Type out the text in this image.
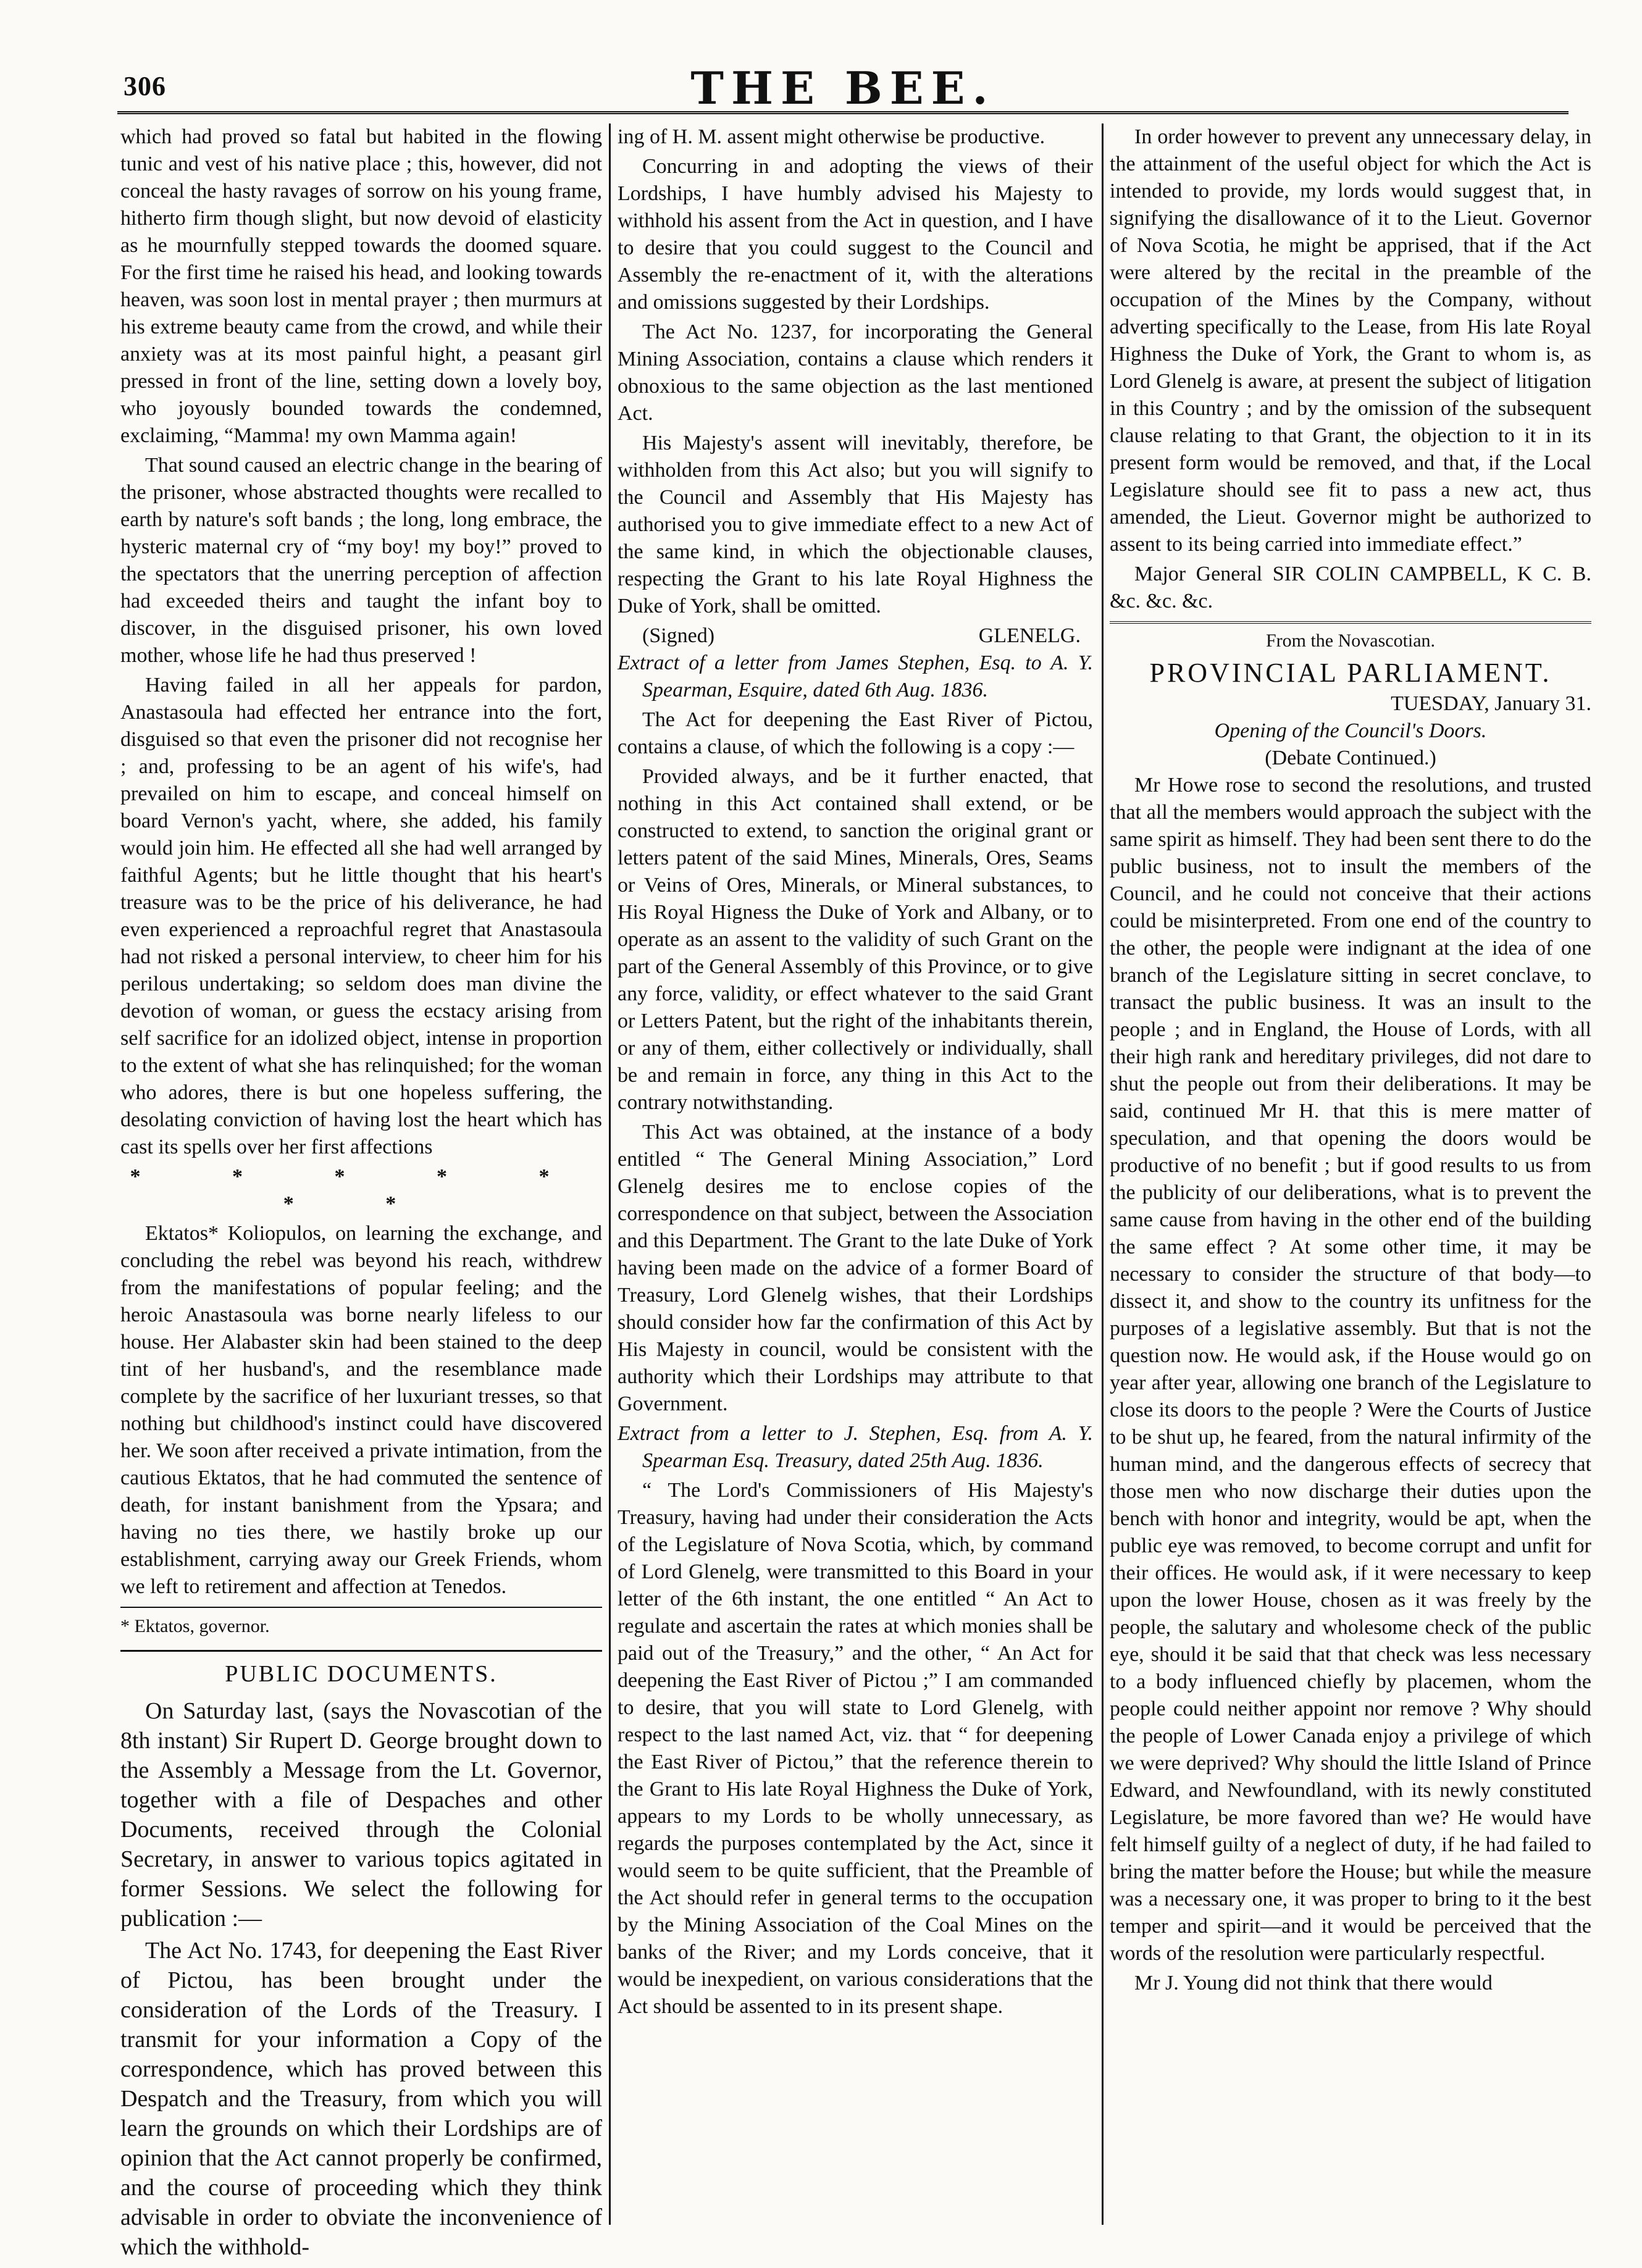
306	THE BEE.

which had proved so fatal but habited in the flowing tunic and vest of his native place ; this, however, did not conceal the hasty ravages of sorrow on his young frame, hitherto firm though slight, but now devoid of elasticity as he mournfully stepped towards the doomed square. For the first time he raised his head, and looking towards heaven, was soon lost in mental prayer ; then murmurs at his extreme beauty came from the crowd, and while their anxiety was at its most painful hight, a peasant girl pressed in front of the line, setting down a lovely boy, who joyously bounded towards the condemned, exclaiming, “Mamma! my own Mamma again!

That sound caused an electric change in the bearing of the prisoner, whose abstracted thoughts were recalled to earth by nature's soft bands ; the long, long embrace, the hysteric maternal cry of “my boy! my boy!” proved to the spectators that the unerring perception of affection had exceeded theirs and taught the infant boy to discover, in the disguised prisoner, his own loved mother, whose life he had thus preserved !

Having failed in all her appeals for pardon, Anastasoula had effected her entrance into the fort, disguised so that even the prisoner did not recognise her ; and, professing to be an agent of his wife's, had prevailed on him to escape, and conceal himself on board Vernon's yacht, where, she added, his family would join him. He effected all she had well arranged by faithful Agents; but he little thought that his heart's treasure was to be the price of his deliverance, he had even experienced a reproachful regret that Anastasoula had not risked a personal interview, to cheer him for his perilous undertaking; so seldom does man divine the devotion of woman, or guess the ecstacy arising from self sacrifice for an idolized object, intense in proportion to the extent of what she has relinquished; for the woman who adores, there is but one hopeless suffering, the desolating conviction of having lost the heart which has cast its spells over her first affections

* * * * * * *

Ektatos* Koliopulos, on learning the exchange, and concluding the rebel was beyond his reach, withdrew from the manifestations of popular feeling; and the heroic Anastasoula was borne nearly lifeless to our house. Her Alabaster skin had been stained to the deep tint of her husband's, and the resemblance made complete by the sacrifice of her luxuriant tresses, so that nothing but childhood's instinct could have discovered her. We soon after received a private intimation, from the cautious Ektatos, that he had commuted the sentence of death, for instant banishment from the Ypsara; and having no ties there, we hastily broke up our establishment, carrying away our Greek Friends, whom we left to retirement and affection at Tenedos.

* Ektatos, governor.
PUBLIC DOCUMENTS.

On Saturday last, (says the Novascotian of the 8th instant) Sir Rupert D. George brought down to the Assembly a Message from the Lt. Governor, together with a file of Despaches and other Documents, received through the Colonial Secretary, in answer to various topics agitated in former Sessions. We select the following for publication :—

The Act No. 1743, for deepening the East River of Pictou, has been brought under the consideration of the Lords of the Treasury. I transmit for your information a Copy of the correspondence, which has proved between this Despatch and the Treasury, from which you will learn the grounds on which their Lordships are of opinion that the Act cannot properly be confirmed, and the course of proceeding which they think advisable in order to obviate the inconvenience of which the withhold-

ing of H. M. assent might otherwise be productive.

Concurring in and adopting the views of their Lordships, I have humbly advised his Majesty to withhold his assent from the Act in question, and I have to desire that you could suggest to the Council and Assembly the re-enactment of it, with the alterations and omissions suggested by their Lordships.

The Act No. 1237, for incorporating the General Mining Association, contains a clause which renders it obnoxious to the same objection as the last mentioned Act.

His Majesty's assent will inevitably, therefore, be withholden from this Act also; but you will signify to the Council and Assembly that His Majesty has authorised you to give immediate effect to a new Act of the same kind, in which the objectionable clauses, respecting the Grant to his late Royal Highness the Duke of York, shall be omitted.

(Signed)	GLENELG.

Extract of a letter from James Stephen, Esq. to A. Y. Spearman, Esquire, dated 6th Aug. 1836.

The Act for deepening the East River of Pictou, contains a clause, of which the following is a copy :—

Provided always, and be it further enacted, that nothing in this Act contained shall extend, or be constructed to extend, to sanction the original grant or letters patent of the said Mines, Minerals, Ores, Seams or Veins of Ores, Minerals, or Mineral substances, to His Royal Higness the Duke of York and Albany, or to operate as an assent to the validity of such Grant on the part of the General Assembly of this Province, or to give any force, validity, or effect whatever to the said Grant or Letters Patent, but the right of the inhabitants therein, or any of them, either collectively or individually, shall be and remain in force, any thing in this Act to the contrary notwithstanding.

This Act was obtained, at the instance of a body entitled “ The General Mining Association,” Lord Glenelg desires me to enclose copies of the correspondence on that subject, between the Association and this Department. The Grant to the late Duke of York having been made on the advice of a former Board of Treasury, Lord Glenelg wishes, that their Lordships should consider how far the confirmation of this Act by His Majesty in council, would be consistent with the authority which their Lordships may attribute to that Government.

Extract from a letter to J. Stephen, Esq. from A. Y. Spearman Esq. Treasury, dated 25th Aug. 1836.

“ The Lord's Commissioners of His Majesty's Treasury, having had under their consideration the Acts of the Legislature of Nova Scotia, which, by command of Lord Glenelg, were transmitted to this Board in your letter of the 6th instant, the one entitled “ An Act to regulate and ascertain the rates at which monies shall be paid out of the Treasury,” and the other, “ An Act for deepening the East River of Pictou ;” I am commanded to desire, that you will state to Lord Glenelg, with respect to the last named Act, viz. that “ for deepening the East River of Pictou,” that the reference therein to the Grant to His late Royal Highness the Duke of York, appears to my Lords to be wholly unnecessary, as regards the purposes contemplated by the Act, since it would seem to be quite sufficient, that the Preamble of the Act should refer in general terms to the occupation by the Mining Association of the Coal Mines on the banks of the River; and my Lords conceive, that it would be inexpedient, on various considerations that the Act should be assented to in its present shape.

In order however to prevent any unnecessary delay, in the attainment of the useful object for which the Act is intended to provide, my lords would suggest that, in signifying the disallowance of it to the Lieut. Governor of Nova Scotia, he might be apprised, that if the Act were altered by the recital in the preamble of the occupation of the Mines by the Company, without adverting specifically to the Lease, from His late Royal Highness the Duke of York, the Grant to whom is, as Lord Glenelg is aware, at present the subject of litigation in this Country ; and by the omission of the subsequent clause relating to that Grant, the objection to it in its present form would be removed, and that, if the Local Legislature should see fit to pass a new act, thus amended, the Lieut. Governor might be authorized to assent to its being carried into immediate effect.”

Major General SIR COLIN CAMPBELL, K C. B. &c. &c. &c.

From the Novascotian.
PROVINCIAL PARLIAMENT.
TUESDAY, January 31.
Opening of the Council's Doors.
(Debate Continued.)

Mr Howe rose to second the resolutions, and trusted that all the members would approach the subject with the same spirit as himself. They had been sent there to do the public business, not to insult the members of the Council, and he could not conceive that their actions could be misinterpreted. From one end of the country to the other, the people were indignant at the idea of one branch of the Legislature sitting in secret conclave, to transact the public business. It was an insult to the people ; and in England, the House of Lords, with all their high rank and hereditary privileges, did not dare to shut the people out from their deliberations. It may be said, continued Mr H. that this is mere matter of speculation, and that opening the doors would be productive of no benefit ; but if good results to us from the publicity of our deliberations, what is to prevent the same cause from having in the other end of the building the same effect ? At some other time, it may be necessary to consider the structure of that body—to dissect it, and show to the country its unfitness for the purposes of a legislative assembly. But that is not the question now. He would ask, if the House would go on year after year, allowing one branch of the Legislature to close its doors to the people ? Were the Courts of Justice to be shut up, he feared, from the natural infirmity of the human mind, and the dangerous effects of secrecy that those men who now discharge their duties upon the bench with honor and integrity, would be apt, when the public eye was removed, to become corrupt and unfit for their offices. He would ask, if it were necessary to keep upon the lower House, chosen as it was freely by the people, the salutary and wholesome check of the public eye, should it be said that that check was less necessary to a body influenced chiefly by placemen, whom the people could neither appoint nor remove ? Why should the people of Lower Canada enjoy a privilege of which we were deprived? Why should the little Island of Prince Edward, and Newfoundland, with its newly constituted Legislature, be more favored than we? He would have felt himself guilty of a neglect of duty, if he had failed to bring the matter before the House; but while the measure was a necessary one, it was proper to bring to it the best temper and spirit—and it would be perceived that the words of the resolution were particularly respectful.

Mr J. Young did not think that there would
